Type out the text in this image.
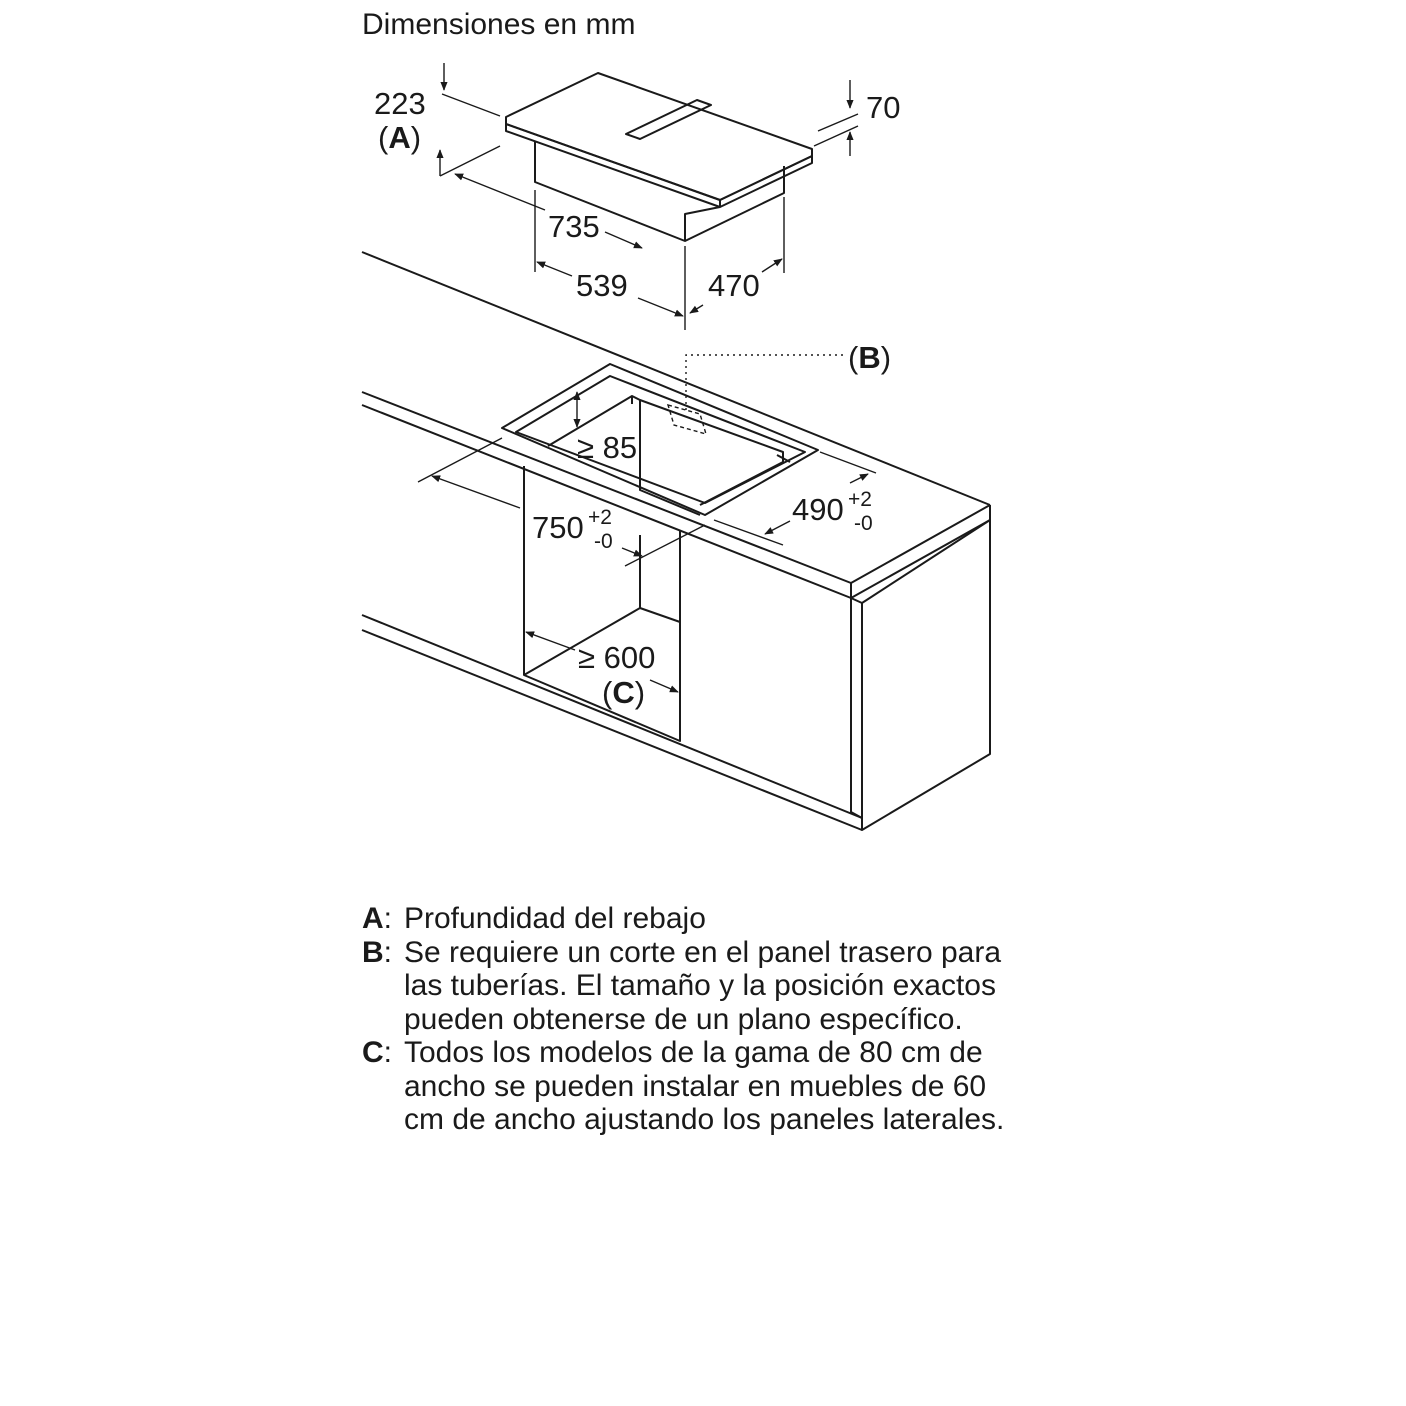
Dimensiones en mm
223
(A)
70
735
539	470
(B)
≥ 85
750 +2
-0
490 +2
-0
≥ 600
(C)
A: Profundidad del rebajo
B: Se requiere un corte en el panel trasero para las tuberías. El tamaño y la posición exactos pueden obtenerse de un plano específico.
C: Todos los modelos de la gama de 80 cm de ancho se pueden instalar en muebles de 60 cm de ancho ajustando los paneles laterales.
